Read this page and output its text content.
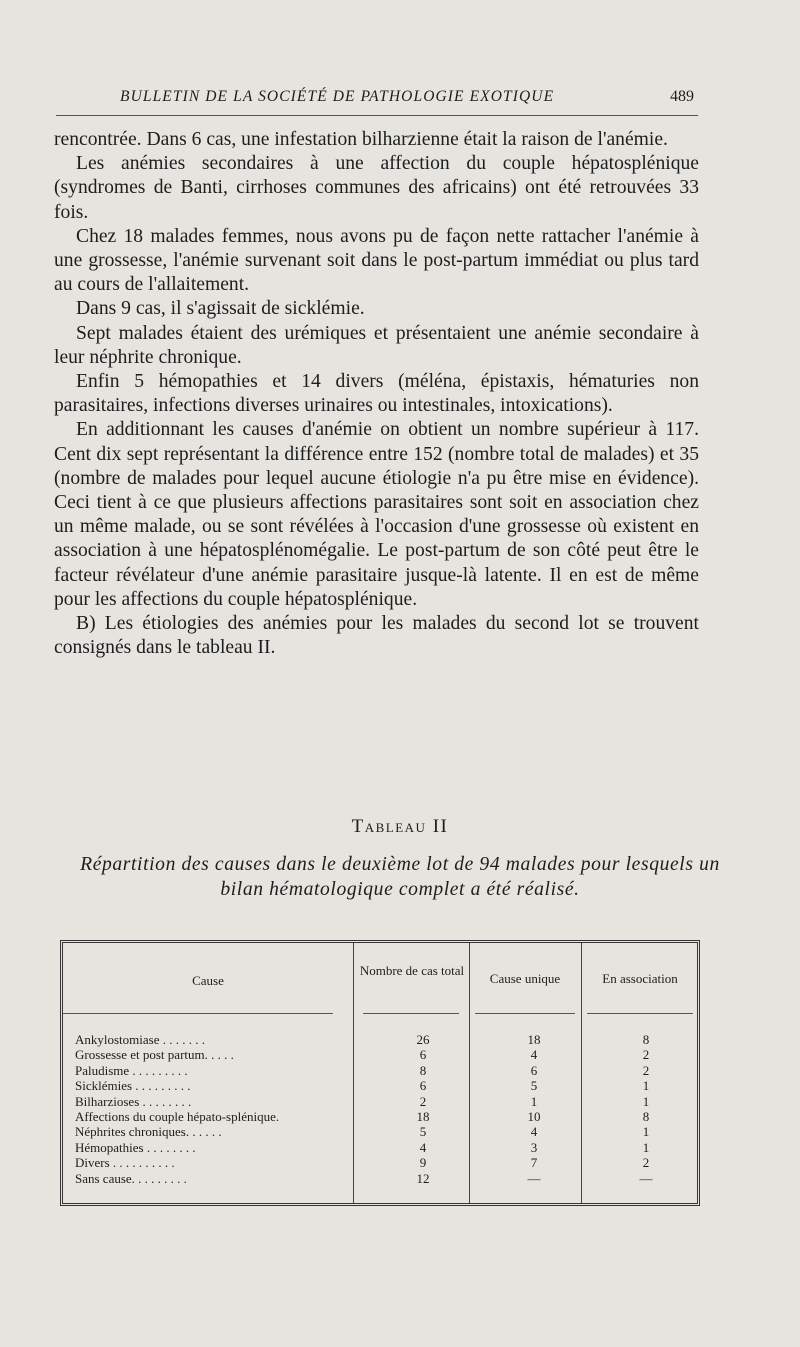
BULLETIN DE LA SOCIÉTÉ DE PATHOLOGIE EXOTIQUE	489

rencontrée. Dans 6 cas, une infestation bilharzienne était la raison de l'anémie.

Les anémies secondaires à une affection du couple hépatosplénique (syndromes de Banti, cirrhoses communes des africains) ont été retrouvées 33 fois.

Chez 18 malades femmes, nous avons pu de façon nette rattacher l'anémie à une grossesse, l'anémie survenant soit dans le post-partum immédiat ou plus tard au cours de l'allaitement.

Dans 9 cas, il s'agissait de sicklémie.

Sept malades étaient des urémiques et présentaient une anémie secondaire à leur néphrite chronique.

Enfin 5 hémopathies et 14 divers (méléna, épistaxis, hématuries non parasitaires, infections diverses urinaires ou intestinales, intoxications).

En additionnant les causes d'anémie on obtient un nombre supérieur à 117. Cent dix sept représentant la différence entre 152 (nombre total de malades) et 35 (nombre de malades pour lequel aucune étiologie n'a pu être mise en évidence). Ceci tient à ce que plusieurs affections parasitaires sont soit en association chez un même malade, ou se sont révélées à l'occasion d'une grossesse où existent en association à une hépatosplénomégalie. Le post-partum de son côté peut être le facteur révélateur d'une anémie parasitaire jusque-là latente. Il en est de même pour les affections du couple hépatosplénique.

B) Les étiologies des anémies pour les malades du second lot se trouvent consignés dans le tableau II.

Tableau II
Répartition des causes dans le deuxième lot de 94 malades pour lesquels un bilan hématologique complet a été réalisé.
Cause
Nombre de cas total
Cause unique	En association
Ankylostomiase . . . . . . .	26	18	8
Grossesse et post partum. . . . .	6	4	2
Paludisme . . . . . . . . .	8	6	2
Sicklémies . . . . . . . . .	6	5	1
Bilharzioses . . . . . . . .	2	1	1
Affections du couple hépato-splénique.	18	10	8
Néphrites chroniques. . . . . .	5	4	1
Hémopathies . . . . . . . .	4	3	1
Divers . . . . . . . . . .	9	7	2
Sans cause. . . . . . . . .	12	—	—
